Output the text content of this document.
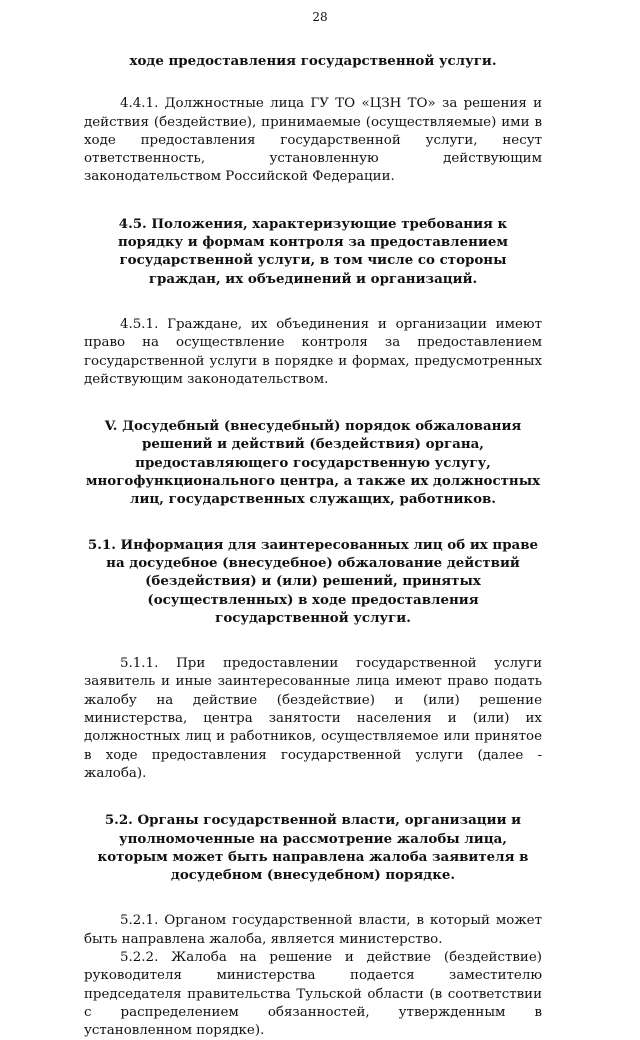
28

ходе предоставления государственной услуги.

4.4.1. Должностные лица ГУ ТО «ЦЗН ТО» за решения и действия (бездействие), принимаемые (осуществляемые) ими в ходе предоставления государственной услуги, несут ответственность, установленную действующим законодательством Российской Федерации.

4.5. Положения, характеризующие требования к порядку и формам контроля за предоставлением государственной услуги, в том числе со стороны граждан, их объединений и организаций.

4.5.1. Граждане, их объединения и организации имеют право на осуществление контроля за предоставлением государственной услуги в порядке и формах, предусмотренных действующим законодательством.

V. Досудебный (внесудебный) порядок обжалования решений и действий (бездействия) органа, предоставляющего государственную услугу, многофункционального центра, а также их должностных лиц, государственных служащих, работников.

5.1. Информация для заинтересованных лиц об их праве на досудебное (внесудебное) обжалование действий (бездействия) и (или) решений, принятых (осуществленных) в ходе предоставления государственной услуги.

5.1.1. При предоставлении государственной услуги заявитель и иные заинтересованные лица имеют право подать жалобу на действие (бездействие) и (или) решение министерства, центра занятости населения и (или) их должностных лиц и работников, осуществляемое или принятое в ходе предоставления государственной услуги (далее - жалоба).

5.2. Органы государственной власти, организации и уполномоченные на рассмотрение жалобы лица, которым может быть направлена жалоба заявителя в досудебном (внесудебном) порядке.

5.2.1. Органом государственной власти, в который может быть направлена жалоба, является министерство.

5.2.2. Жалоба на решение и действие (бездействие) руководителя министерства подается заместителю председателя правительства Тульской области (в соответствии с распределением обязанностей, утвержденным в установленном порядке).
